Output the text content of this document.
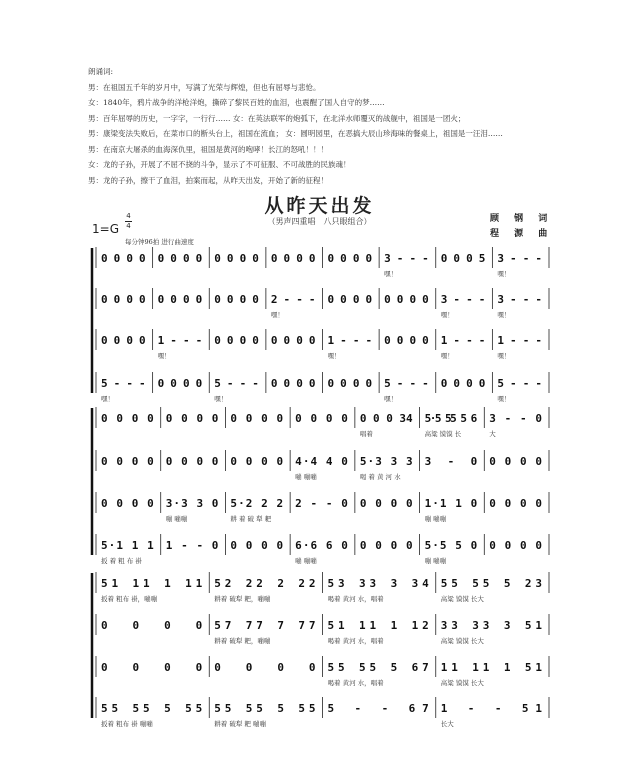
朗诵词:
男：在祖国五千年的岁月中，写满了光荣与辉煌，但也有屈辱与悲怆。
女：1840年，鸦片战争的洋枪洋炮，撕碎了黎民百姓的血泪，也震醒了国人自守的梦……
男：百年屈辱的历史，一字字，一行行…… 女：在英法联军的炮弧下，在北洋水师覆灭的战舰中，祖国是一团火；
男：康梁变法失败后，在菜市口的断头台上，祖国在流血； 女：圆明园里，在恶搞大辰山珍海味的餐桌上，祖国是一汪泪……
男：在南京大屠杀的血海深仇里，祖国是黄河的咆哮！长江的怒吼！！！
女：龙的子孙，开展了不屈不挠的斗争，显示了不可征服、不可战胜的民族魂！
男：龙的子孙，擦干了血泪，拍案而起，从昨天出发，开始了新的征程！
从昨天出发
（男声四重唱　八只眼组合）
1=G
4
4
每分钟96拍 进行曲速度
顾 钢 词
程 源 曲
0 0 0 0 0 0 0 0 0 0 0 0 0 0 0 0 0 0 0 0 3 - - -
嘿！
0 0 0 5 3 - - -
嘿！
0 0 0 0 0 0 0 0 0 0 0 0 2 - - -
嘿！
0 0 0 0 0 0 0 0 3 - - -
嘿！
3 - - -
嘿！
0 0 0 0 1 - - -
嘿！
0 0 0 0 0 0 0 0 1 - - -
嘿！
0 0 0 0 1 - - -
嘿！
1 - - -
嘿！
5 - - -
嘿！
0 0 0 0 5 - - -
嘿！
0 0 0 0 0 0 0 0 5 - - -
嘿！
0 0 0 0 5 - - -
嘿！
0 0 0 0 0 0 0 0 0 0 0 0 0 0 0 0 0 0 0 34
唱着
5·5 55 5 6
高粱 馍馍 长
3 - - 0
大
0 0 0 0 0 0 0 0 0 0 0 0 4·4 4 0
嘣 嘣嘣
5·3 3 3
喝 着 黄 河 水
3 - 0 0 0 0 0
0 0 0 0 3·3 3 0
嘣 嘣嘣
5·2 2 2
耕 着 破 犁 耙
2 - - 0 0 0 0 0 1·1 1 0
嘣 嘣嘣
0 0 0 0
5·1 1 1
扳 着 粗 布 褂
1 - - 0 0 0 0 0 6·6 6 0
嘣 嘣嘣
0 0 0 0 5·5 5 0
嘣 嘣嘣
0 0 0 0
51 11 1 11
扳着 粗布 褂，嘣嘣
52 22 2 22
耕着 破犁 耙，嘣嘣
53 33 3 34
喝着 黄河 水，唱着
55 55 5 23
高粱 馍馍 长大
0 0 0 0 57 77 7 77
耕着 破犁 耙，嘣嘣
51 11 1 12
喝着 黄河 水，唱着
33 33 3 51
高粱 馍馍 长大
0 0 0 0 0 0 0 0 55 55 5 67
喝着 黄河 水，唱着
11 11 1 51
高粱 馍馍 长大
55 55 5 55
扳着 粗布 褂 嘣嘣
55 55 5 55
耕着 破犁 耙 嘣嘣
5 - - 67 1 - - 51
长大
